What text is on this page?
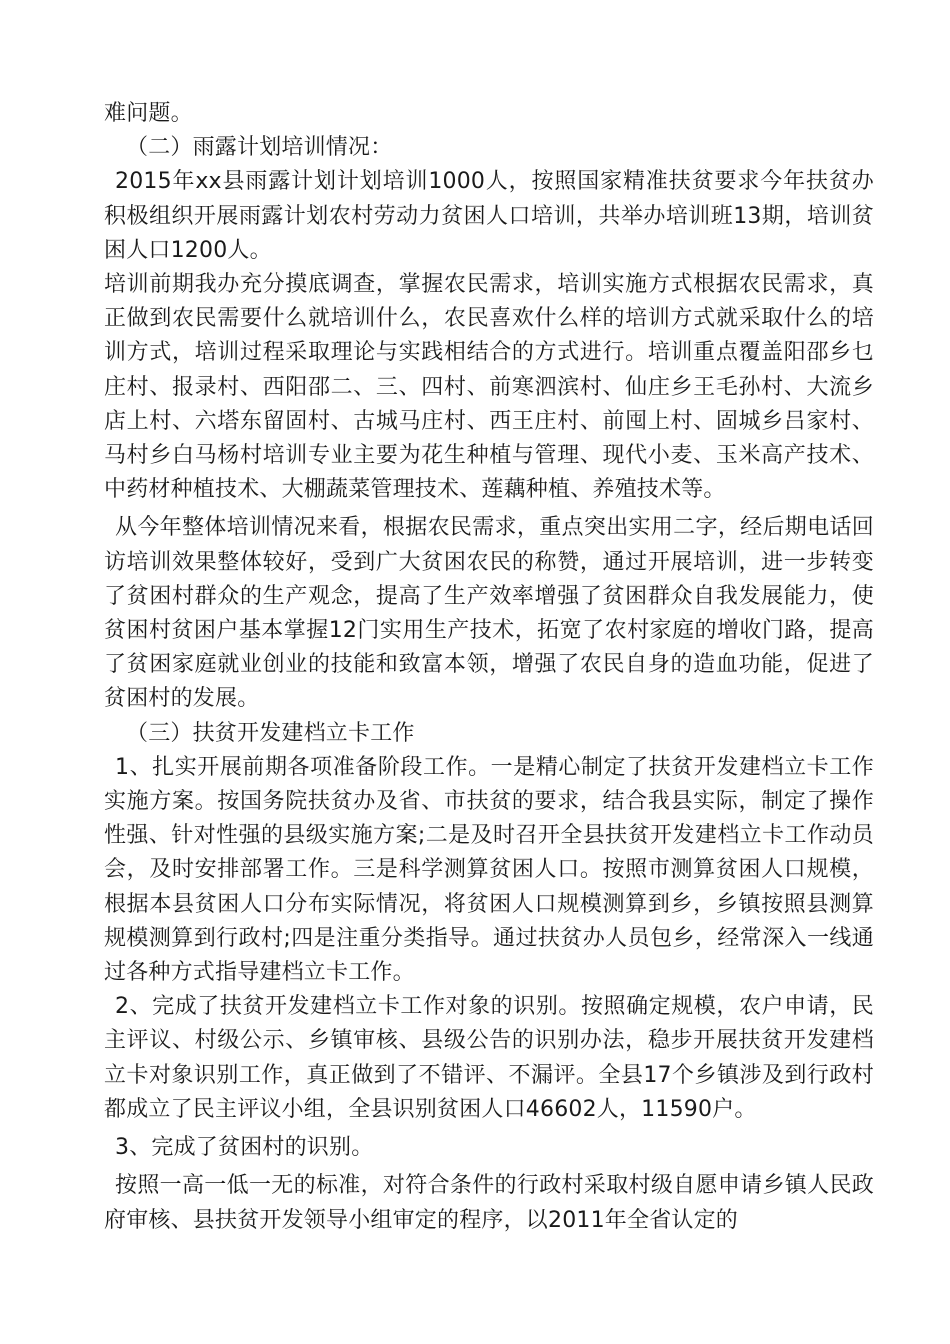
难问题。

（二）雨露计划培训情况：

2015年xx县雨露计划计划培训1000人，按照国家精准扶贫要求今年扶贫办积极组织开展雨露计划农村劳动力贫困人口培训，共举办培训班13期，培训贫困人口1200人。

培训前期我办充分摸底调查，掌握农民需求，培训实施方式根据农民需求，真正做到农民需要什么就培训什么，农民喜欢什么样的培训方式就采取什么的培训方式，培训过程采取理论与实践相结合的方式进行。培训重点覆盖阳邵乡乜庄村、报录村、西阳邵二、三、四村、前寒泗滨村、仙庄乡王毛孙村、大流乡店上村、六塔东留固村、古城马庄村、西王庄村、前囤上村、固城乡吕家村、马村乡白马杨村培训专业主要为花生种植与管理、现代小麦、玉米高产技术、中药材种植技术、大棚蔬菜管理技术、莲藕种植、养殖技术等。

从今年整体培训情况来看，根据农民需求，重点突出实用二字，经后期电话回访培训效果整体较好，受到广大贫困农民的称赞，通过开展培训，进一步转变了贫困村群众的生产观念，提高了生产效率增强了贫困群众自我发展能力，使贫困村贫困户基本掌握12门实用生产技术，拓宽了农村家庭的增收门路，提高了贫困家庭就业创业的技能和致富本领，增强了农民自身的造血功能，促进了贫困村的发展。

（三）扶贫开发建档立卡工作

1、扎实开展前期各项准备阶段工作。一是精心制定了扶贫开发建档立卡工作实施方案。按国务院扶贫办及省、市扶贫的要求，结合我县实际，制定了操作性强、针对性强的县级实施方案;二是及时召开全县扶贫开发建档立卡工作动员会，及时安排部署工作。三是科学测算贫困人口。按照市测算贫困人口规模，根据本县贫困人口分布实际情况，将贫困人口规模测算到乡，乡镇按照县测算规模测算到行政村;四是注重分类指导。通过扶贫办人员包乡，经常深入一线通过各种方式指导建档立卡工作。

2、完成了扶贫开发建档立卡工作对象的识别。按照确定规模，农户申请，民主评议、村级公示、乡镇审核、县级公告的识别办法，稳步开展扶贫开发建档立卡对象识别工作，真正做到了不错评、不漏评。全县17个乡镇涉及到行政村都成立了民主评议小组，全县识别贫困人口46602人，11590户。

3、完成了贫困村的识别。

按照一高一低一无的标准，对符合条件的行政村采取村级自愿申请乡镇人民政府审核、县扶贫开发领导小组审定的程序，以2011年全省认定的
